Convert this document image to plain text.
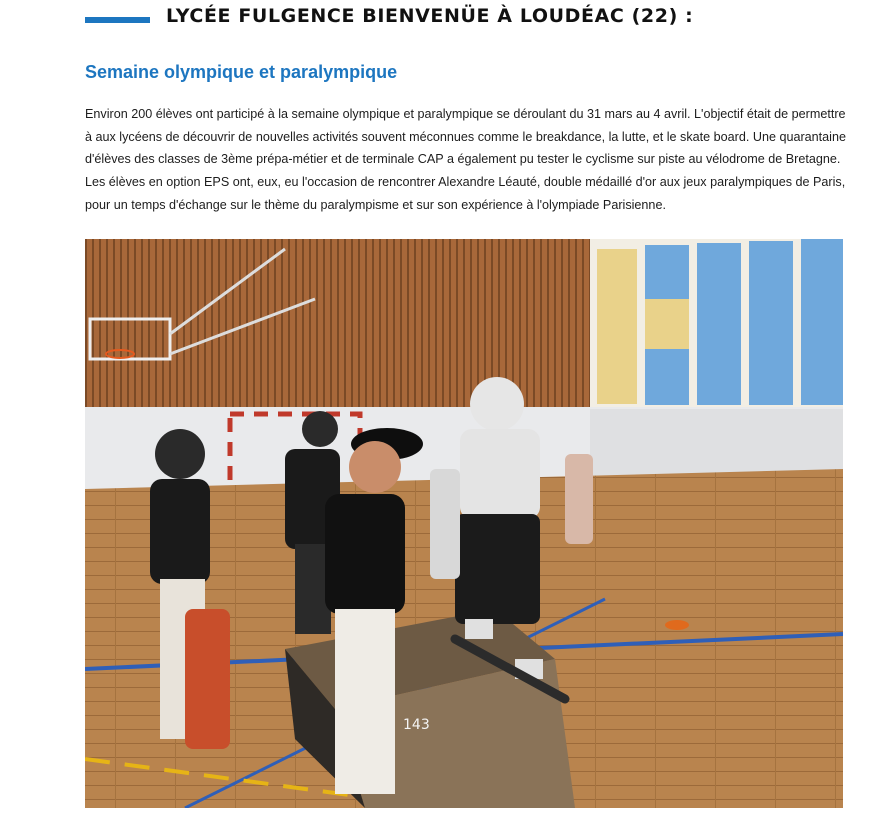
LYCÉE FULGENCE BIENVENÜE À LOUDÉAC (22) :
Semaine olympique et paralympique

Environ 200 élèves ont participé à la semaine olympique et paralympique se déroulant du 31 mars au 4 avril. L'objectif était de permettre
à aux lycéens de découvrir de nouvelles activités souvent méconnues comme le breakdance, la lutte, et le skate board. Une quarantaine
d'élèves des classes de 3ème prépa-métier et de terminale CAP a également pu tester le cyclisme sur piste au vélodrome de Bretagne.
Les élèves en option EPS ont, eux, eu l'occasion de rencontrer Alexandre Léauté, double médaillé d'or aux jeux paralympiques de Paris,
pour un temps d'échange sur le thème du paralympisme et sur son expérience à l'olympiade Parisienne.

143
